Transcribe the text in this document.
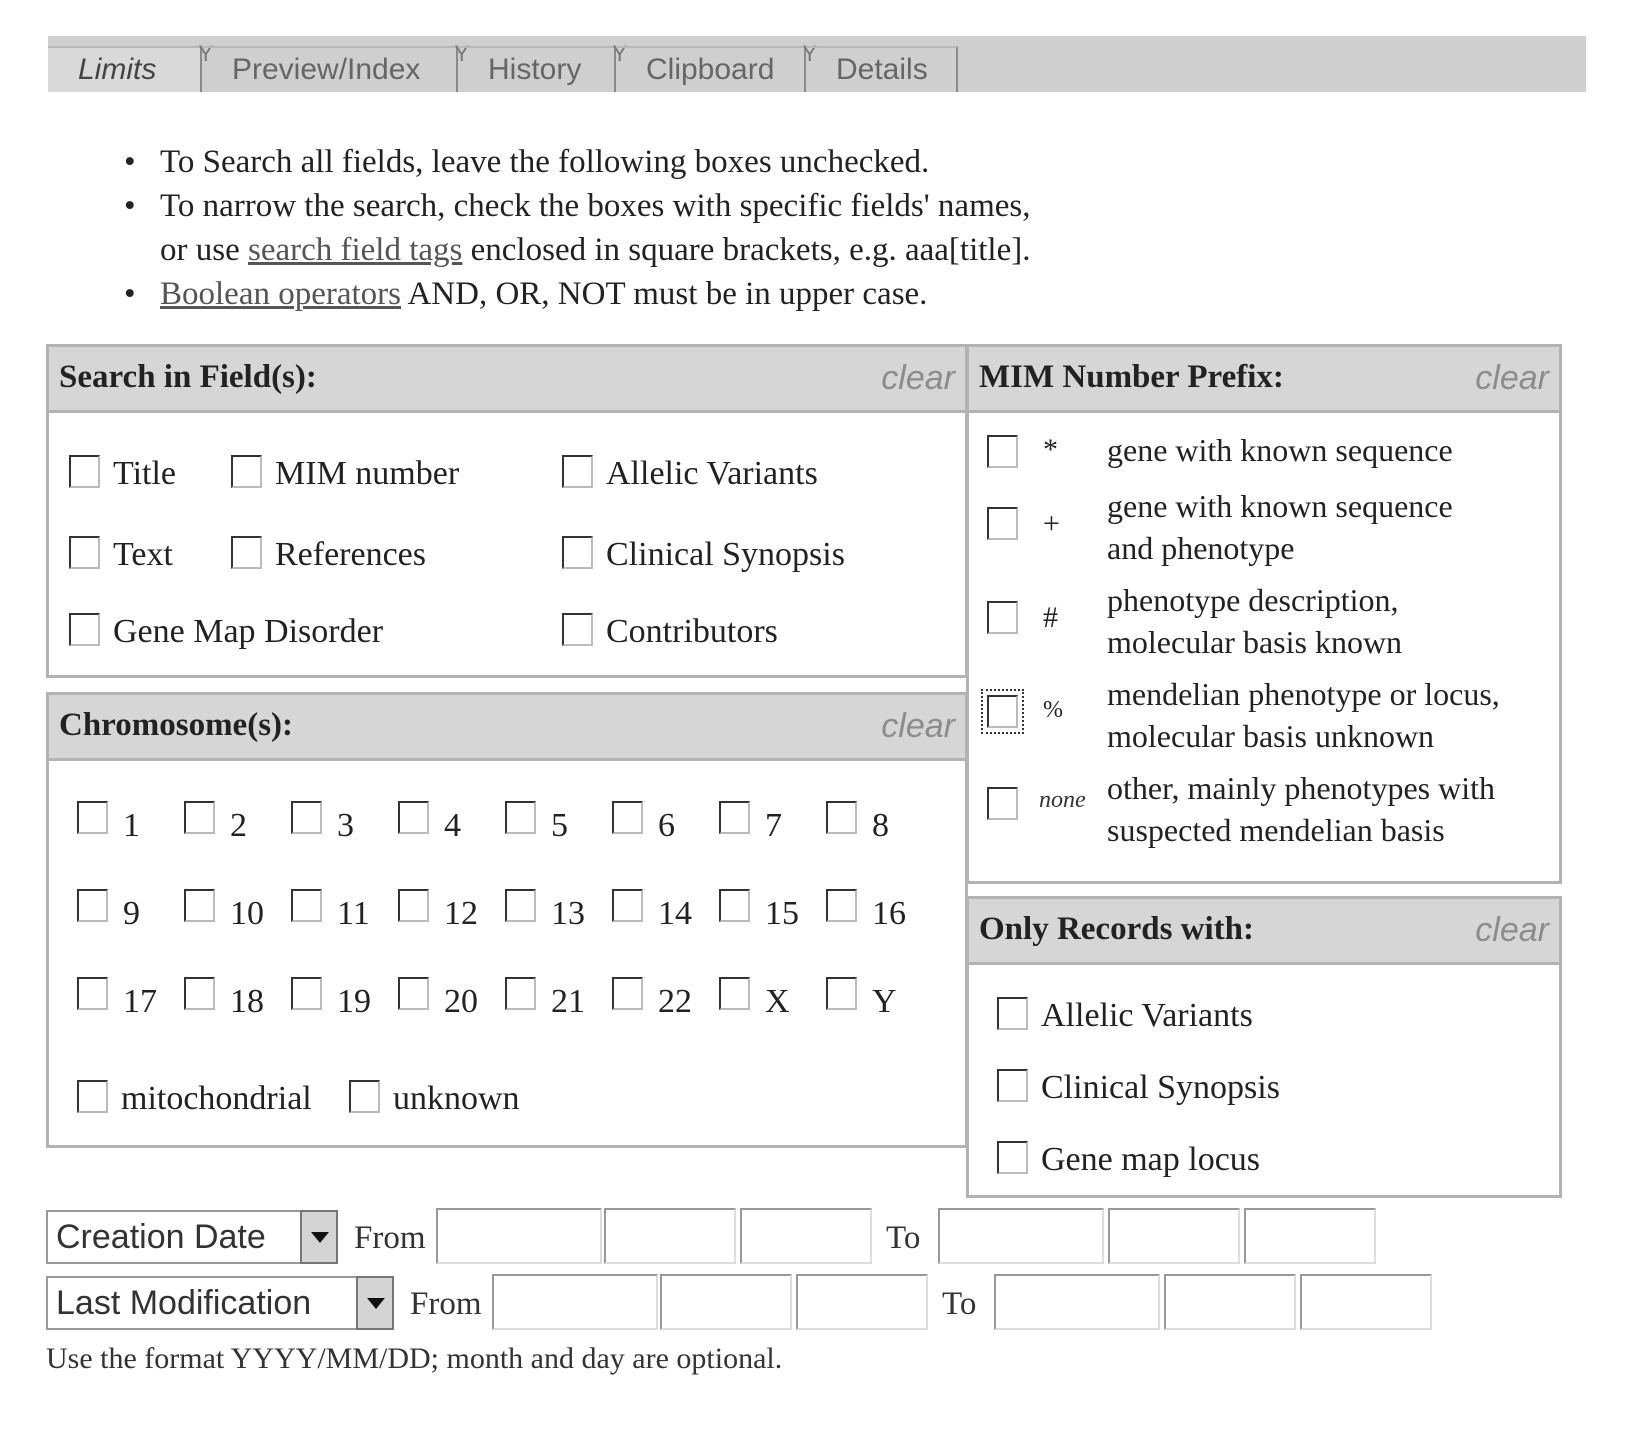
Limits Y Preview/Index Y History Y Clipboard Y Details
• To Search all fields, leave the following boxes unchecked.
• To narrow the search, check the boxes with specific fields' names,
or use search field tags enclosed in square brackets, e.g. aaa[title].
• Boolean operators AND, OR, NOT must be in upper case.
Search in Field(s):	clear
Title	MIM number	Allelic Variants
Text	References	Clinical Synopsis
Gene Map Disorder	Contributors
Chromosome(s):	clear
1	2	3	4	5	6	7	8
9	10 11 12 13 14 15 16
17 18 19 20 21 22 X Y
mitochondrial unknown
MIM Number Prefix:	clear
* gene with known sequence
+ gene with known sequence
and phenotype
# phenotype description,
molecular basis known
% mendelian phenotype or locus,
molecular basis unknown
none other, mainly phenotypes with
suspected mendelian basis
Only Records with:	clear
Allelic Variants
Clinical Synopsis
Gene map locus
Creation Date	From	To
Last Modification	From	To
Use the format YYYY/MM/DD; month and day are optional.
